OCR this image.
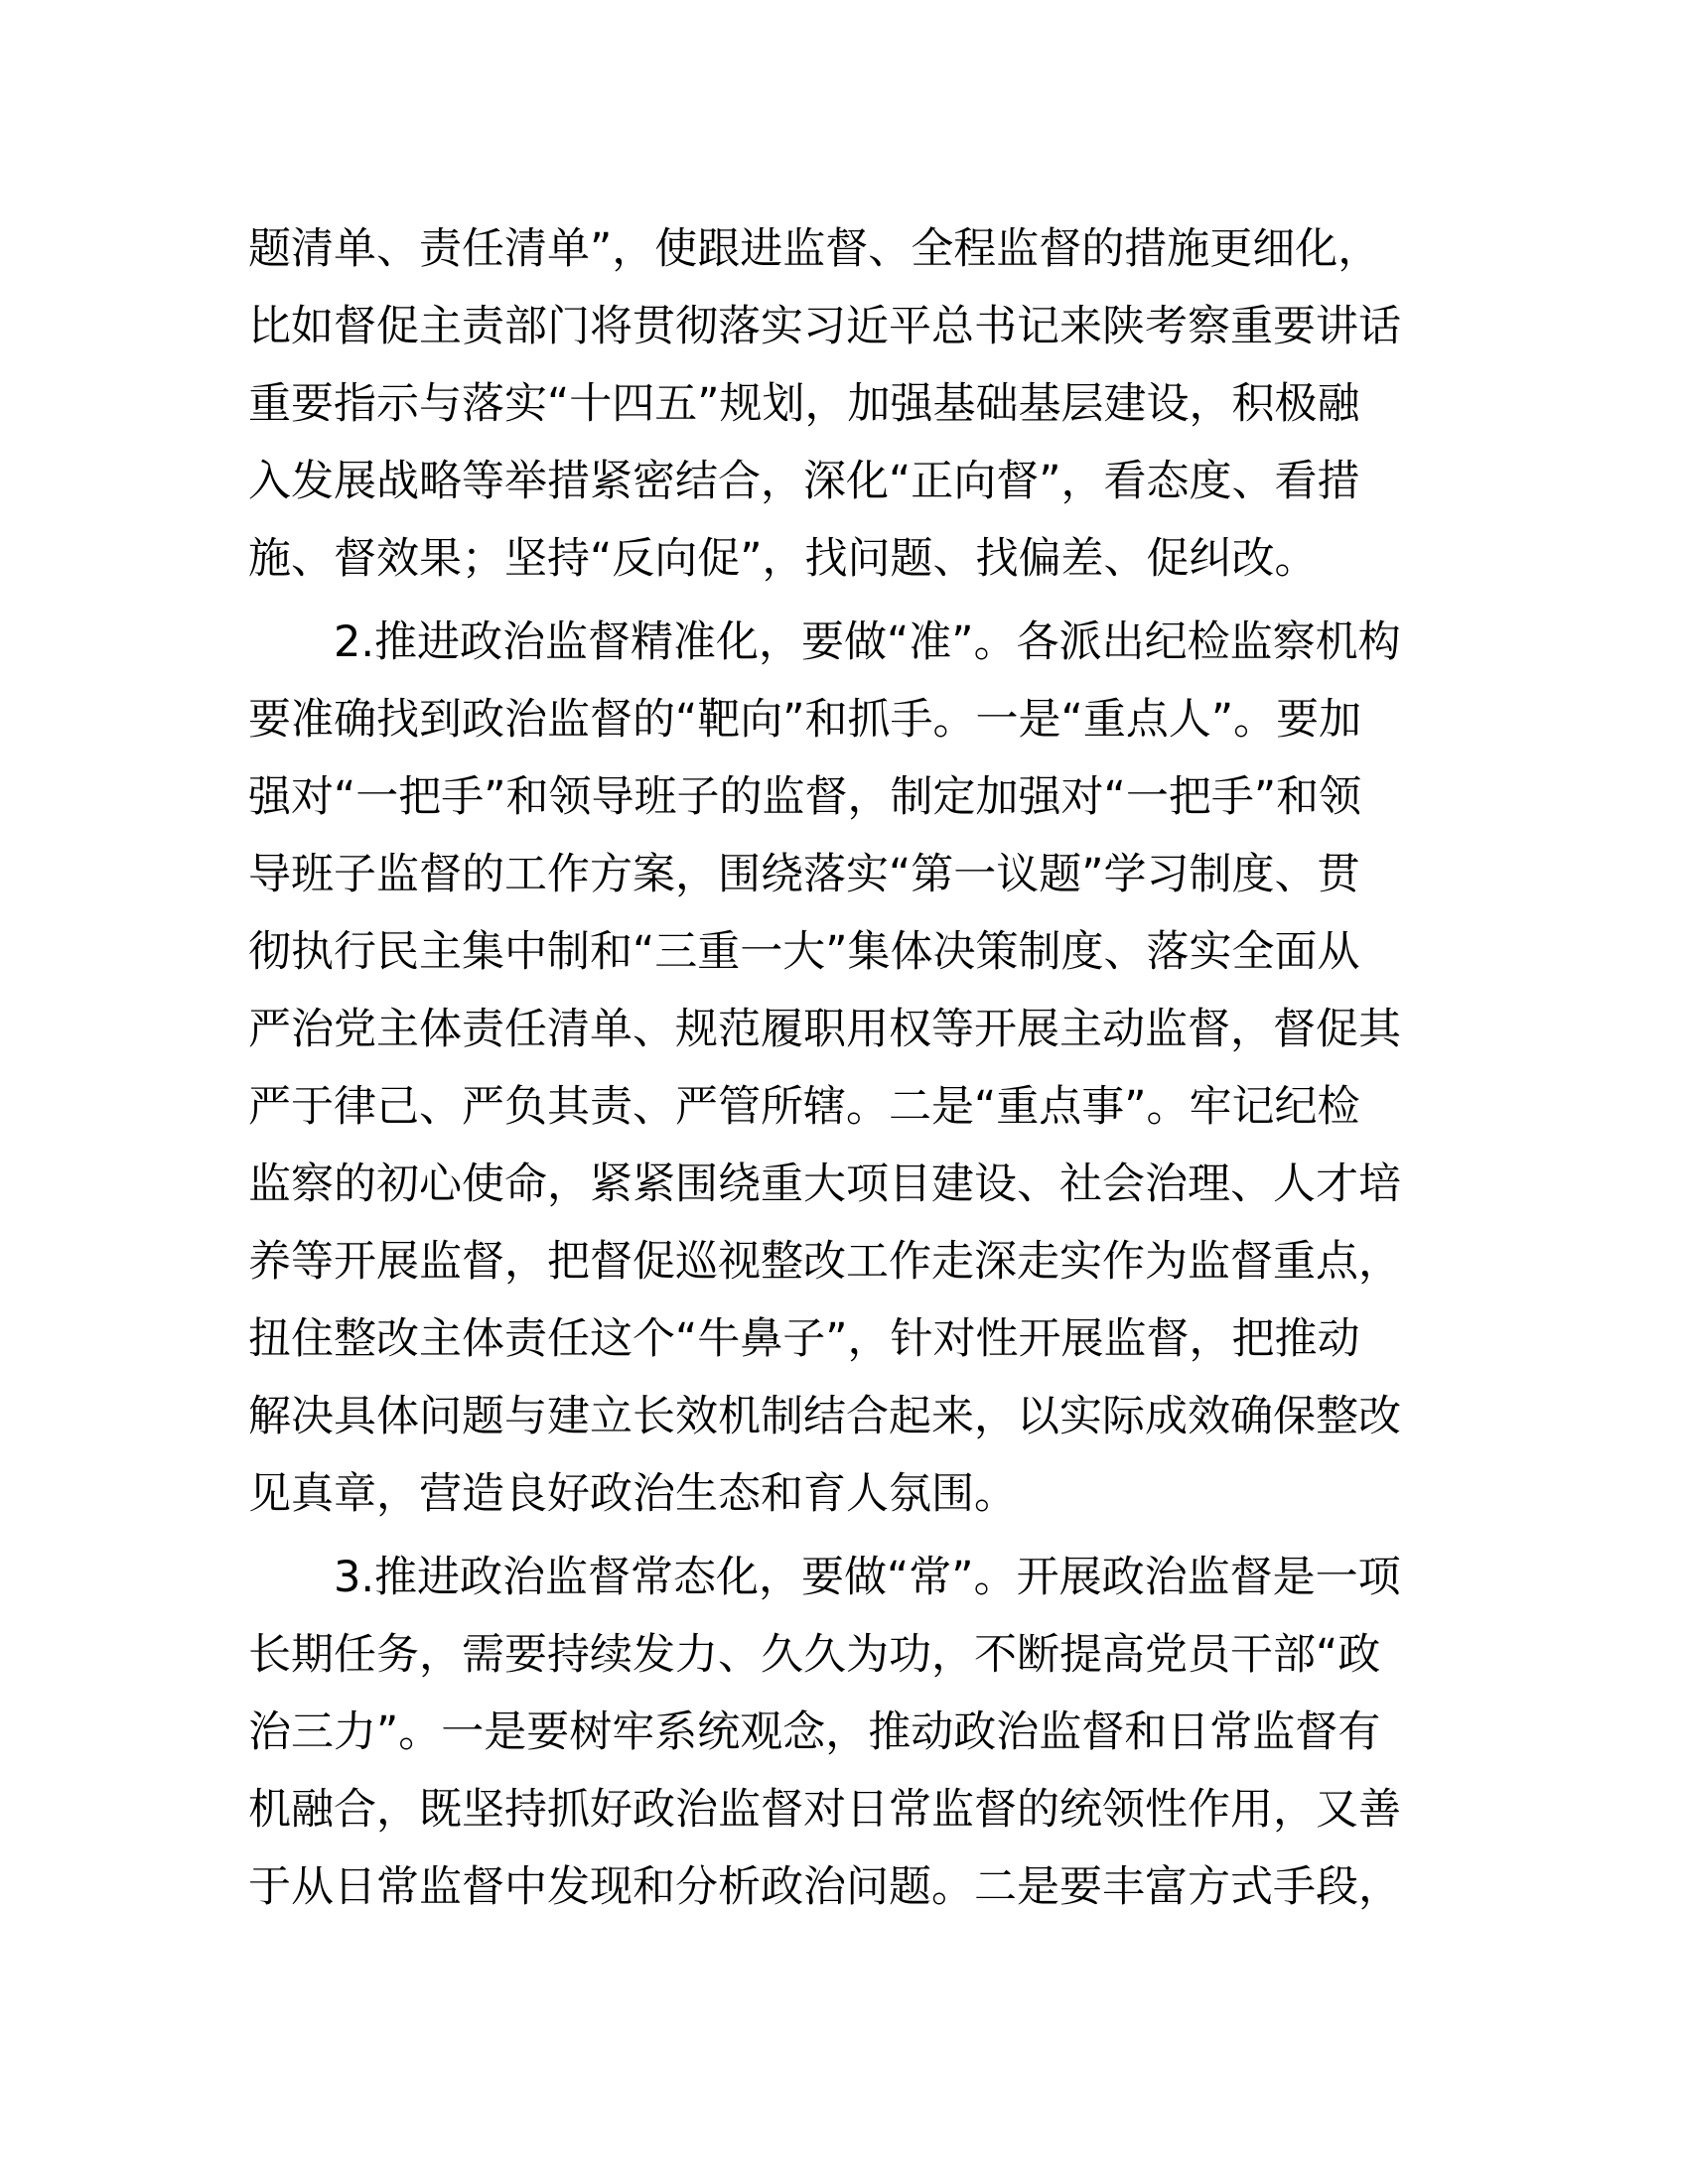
题清单、责任清单”，使跟进监督、全程监督的措施更细化，
比如督促主责部门将贯彻落实习近平总书记来陕考察重要讲话
重要指示与落实“十四五”规划，加强基础基层建设，积极融
入发展战略等举措紧密结合，深化“正向督”，看态度、看措
施、督效果；坚持“反向促”，找问题、找偏差、促纠改。
2.推进政治监督精准化，要做“准”。各派出纪检监察机构
要准确找到政治监督的“靶向”和抓手。一是“重点人”。要加
强对“一把手”和领导班子的监督，制定加强对“一把手”和领
导班子监督的工作方案，围绕落实“第一议题”学习制度、贯
彻执行民主集中制和“三重一大”集体决策制度、落实全面从
严治党主体责任清单、规范履职用权等开展主动监督，督促其
严于律己、严负其责、严管所辖。二是“重点事”。牢记纪检
监察的初心使命，紧紧围绕重大项目建设、社会治理、人才培
养等开展监督，把督促巡视整改工作走深走实作为监督重点，
扭住整改主体责任这个“牛鼻子”，针对性开展监督，把推动
解决具体问题与建立长效机制结合起来，以实际成效确保整改
见真章，营造良好政治生态和育人氛围。
3.推进政治监督常态化，要做“常”。开展政治监督是一项
长期任务，需要持续发力、久久为功，不断提高党员干部“政
治三力”。一是要树牢系统观念，推动政治监督和日常监督有
机融合，既坚持抓好政治监督对日常监督的统领性作用，又善
于从日常监督中发现和分析政治问题。二是要丰富方式手段，
